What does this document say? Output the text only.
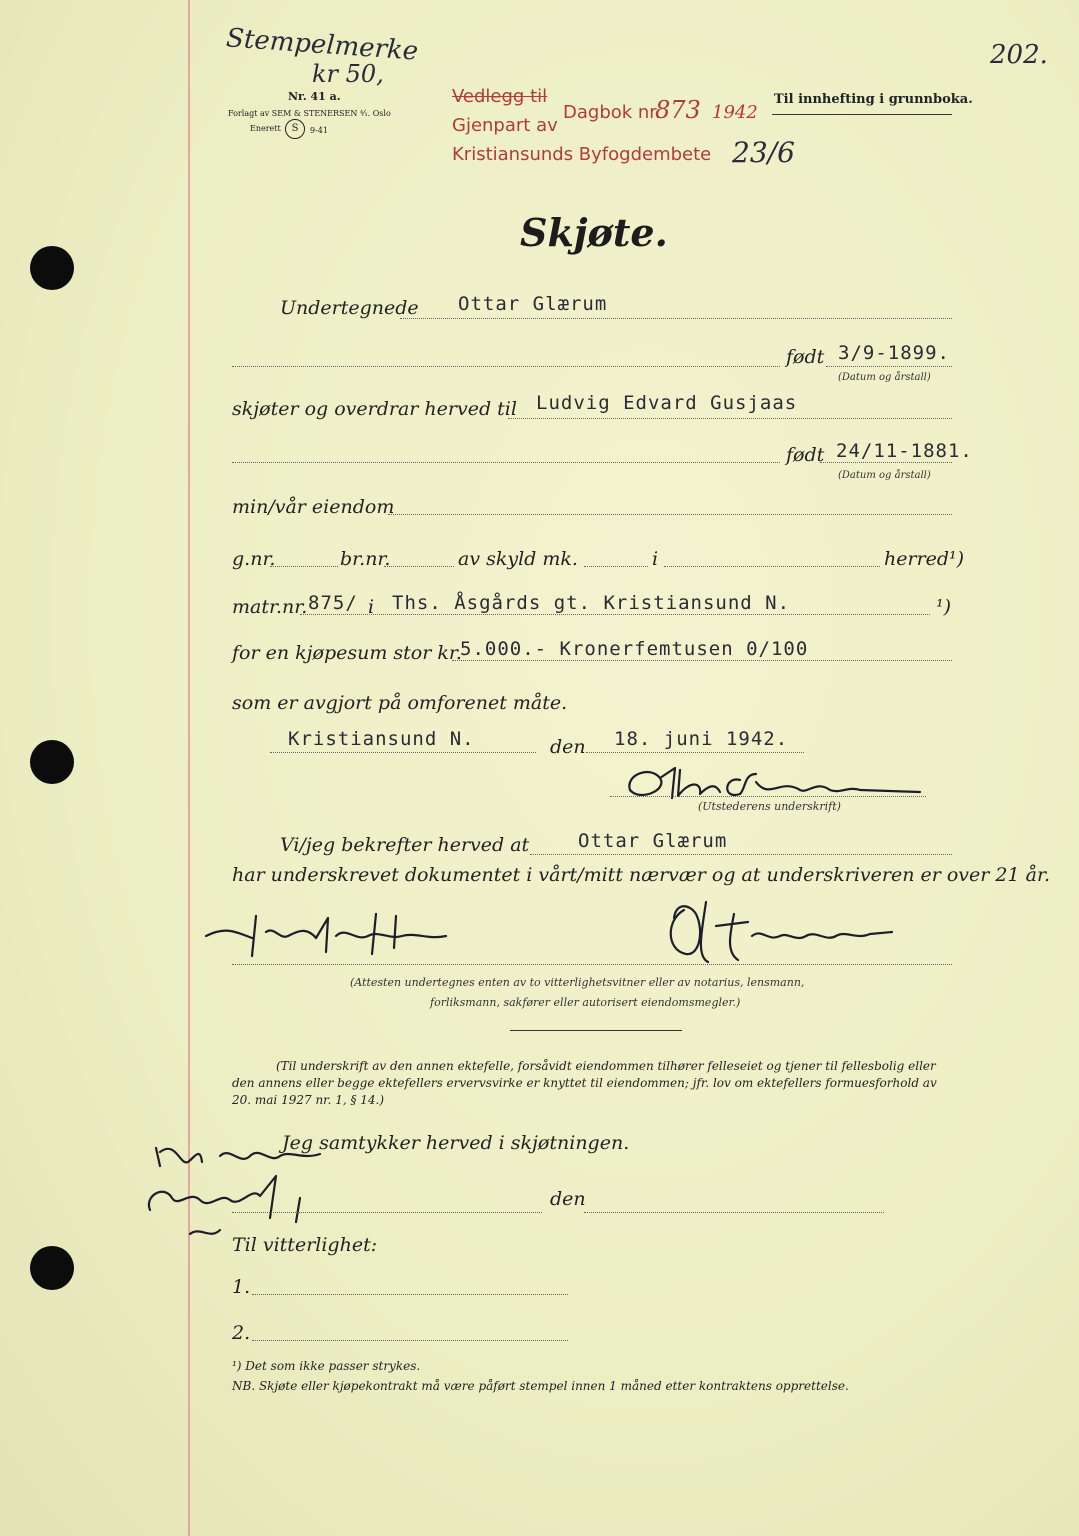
Stempelmerke
kr 50,
Nr. 41 a.
Forlagt av SEM & STENERSEN ⁴⁄₁. Oslo
Enerett	S	9-41
Vedlegg til
Gjenpart av
Kristiansunds Byfogdembete
Dagbok nr.
873 1942
Til innhefting i grunnboka.
23/6
202.
Skjøte.
Undertegnede Ottar Glærum
født 3/9-1899.
(Datum og årstall)
skjøter og overdrar herved til Ludvig Edvard Gusjaas
født 24/11-1881.
(Datum og årstall)
min/vår eiendom
g.nr.	br.nr.	av skyld mk.	i	herred¹)
matr.nr. 875/ i Ths. Åsgårds gt. Kristiansund N.	¹)
for en kjøpesum stor kr.
5.000.- Kronerfemtusen 0/100
som er avgjort på omforenet måte.
Kristiansund N.	den 18. juni 1942.
(Utstederens underskrift)
Vi/jeg bekrefter herved at	Ottar Glærum
har underskrevet dokumentet i vårt/mitt nærvær og at underskriveren er over 21 år.
(Attesten undertegnes enten av to vitterlighetsvitner eller av notarius, lensmann,
forliksmann, sakfører eller autorisert eiendomsmegler.)
(Til underskrift av den annen ektefelle, forsåvidt eiendommen tilhører felleseiet og tjener til fellesbolig eller den annens eller begge ektefellers ervervsvirke er knyttet til eiendommen; jfr. lov om ektefellers formuesforhold av 20. mai 1927 nr. 1, § 14.)
Jeg samtykker herved i skjøtningen.
den
Til vitterlighet:
1.
2.
¹) Det som ikke passer strykes.
NB. Skjøte eller kjøpekontrakt må være påført stempel innen 1 måned etter kontraktens opprettelse.
